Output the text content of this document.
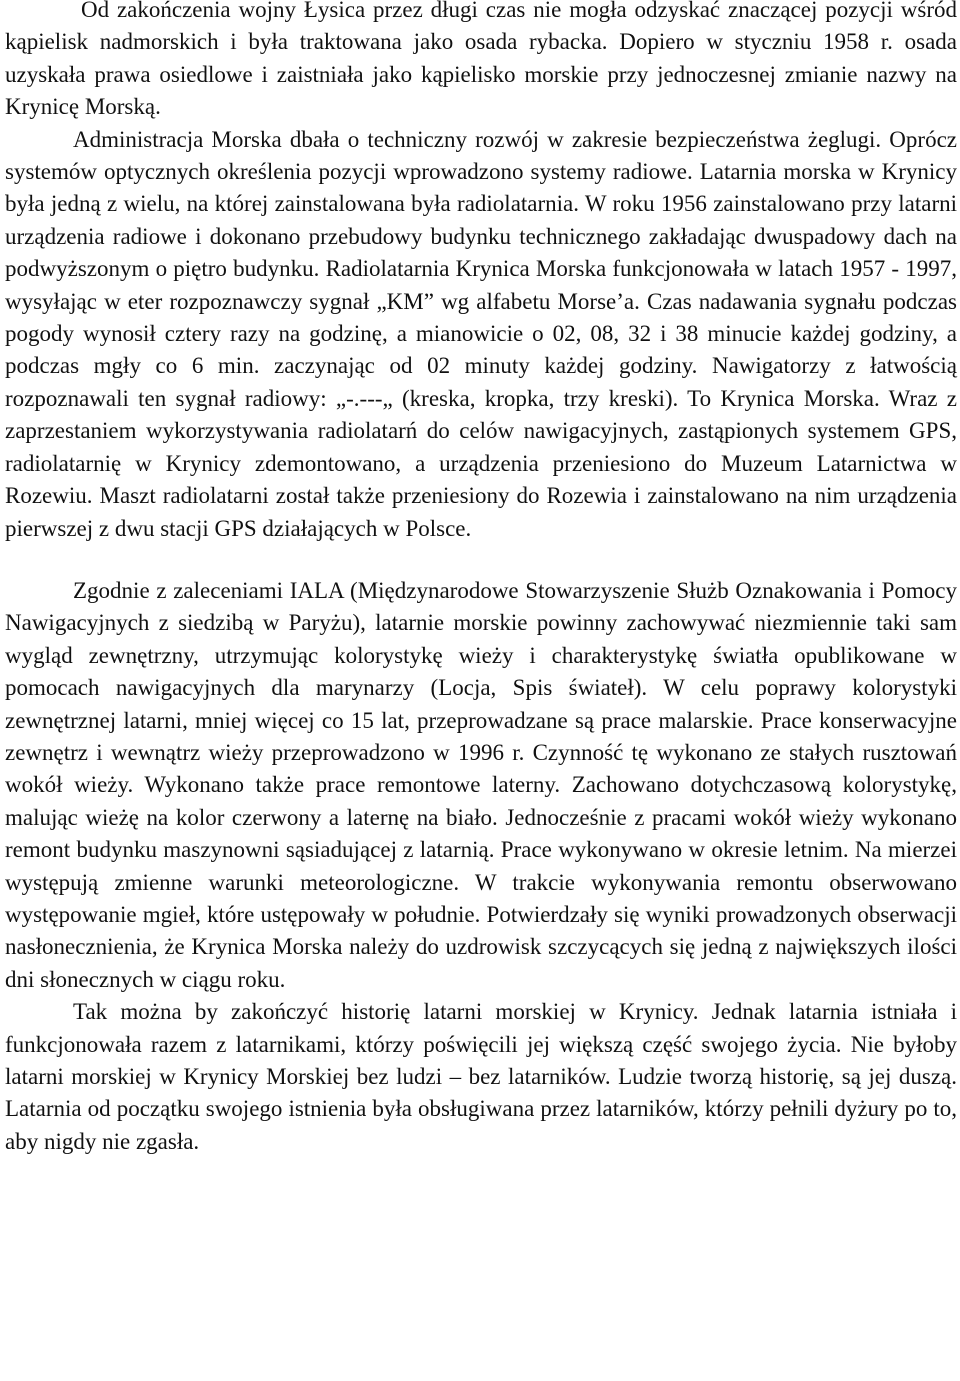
Od zakończenia wojny Łysica przez długi czas nie mogła odzyskać znaczącej pozycji wśród kąpielisk nadmorskich i była traktowana jako osada rybacka. Dopiero w styczniu 1958 r. osada uzyskała prawa osiedlowe i zaistniała jako kąpielisko morskie przy jednoczesnej zmianie nazwy na Krynicę Morską.

Administracja Morska dbała o techniczny rozwój w zakresie bezpieczeństwa żeglugi. Oprócz systemów optycznych określenia pozycji wprowadzono systemy radiowe. Latarnia morska w Krynicy była jedną z wielu, na której zainstalowana była radiolatarnia. W roku 1956 zainstalowano przy latarni urządzenia radiowe i dokonano przebudowy budynku technicznego zakładając dwuspadowy dach na podwyższonym o piętro budynku. Radiolatarnia Krynica Morska funkcjonowała w latach 1957 - 1997, wysyłając w eter rozpoznawczy sygnał „KM” wg alfabetu Morse’a. Czas nadawania sygnału podczas pogody wynosił cztery razy na godzinę, a mianowicie o 02, 08, 32 i 38 minucie każdej godziny, a podczas mgły co 6 min. zaczynając od 02 minuty każdej godziny. Nawigatorzy z łatwością rozpoznawali ten sygnał radiowy: „-.---„ (kreska, kropka, trzy kreski). To Krynica Morska. Wraz z zaprzestaniem wykorzystywania radiolatarń do celów nawigacyjnych, zastąpionych systemem GPS, radiolatarnię w Krynicy zdemontowano, a urządzenia przeniesiono do Muzeum Latarnictwa w Rozewiu. Maszt radiolatarni został także przeniesiony do Rozewia i zainstalowano na nim urządzenia pierwszej z dwu stacji GPS działających w Polsce.

Zgodnie z zaleceniami IALA (Międzynarodowe Stowarzyszenie Służb Oznakowania i Pomocy Nawigacyjnych z siedzibą w Paryżu), latarnie morskie powinny zachowywać niezmiennie taki sam wygląd zewnętrzny, utrzymując kolorystykę wieży i charakterystykę światła opublikowane w pomocach nawigacyjnych dla marynarzy (Locja, Spis świateł). W celu poprawy kolorystyki zewnętrznej latarni, mniej więcej co 15 lat, przeprowadzane są prace malarskie. Prace konserwacyjne zewnętrz i wewnątrz wieży przeprowadzono w 1996 r. Czynność tę wykonano ze stałych rusztowań wokół wieży. Wykonano także prace remontowe laterny. Zachowano dotychczasową kolorystykę, malując wieżę na kolor czerwony a laternę na biało. Jednocześnie z pracami wokół wieży wykonano remont budynku maszynowni sąsiadującej z latarnią. Prace wykonywano w okresie letnim. Na mierzei występują zmienne warunki meteorologiczne. W trakcie wykonywania remontu obserwowano występowanie mgieł, które ustępowały w południe. Potwierdzały się wyniki prowadzonych obserwacji nasłonecznienia, że Krynica Morska należy do uzdrowisk szczycących się jedną z największych ilości dni słonecznych w ciągu roku.

Tak można by zakończyć historię latarni morskiej w Krynicy. Jednak latarnia istniała i funkcjonowała razem z latarnikami, którzy poświęcili jej większą część swojego życia. Nie byłoby latarni morskiej w Krynicy Morskiej bez ludzi – bez latarników. Ludzie tworzą historię, są jej duszą. Latarnia od początku swojego istnienia była obsługiwana przez latarników, którzy pełnili dyżury po to, aby nigdy nie zgasła.
